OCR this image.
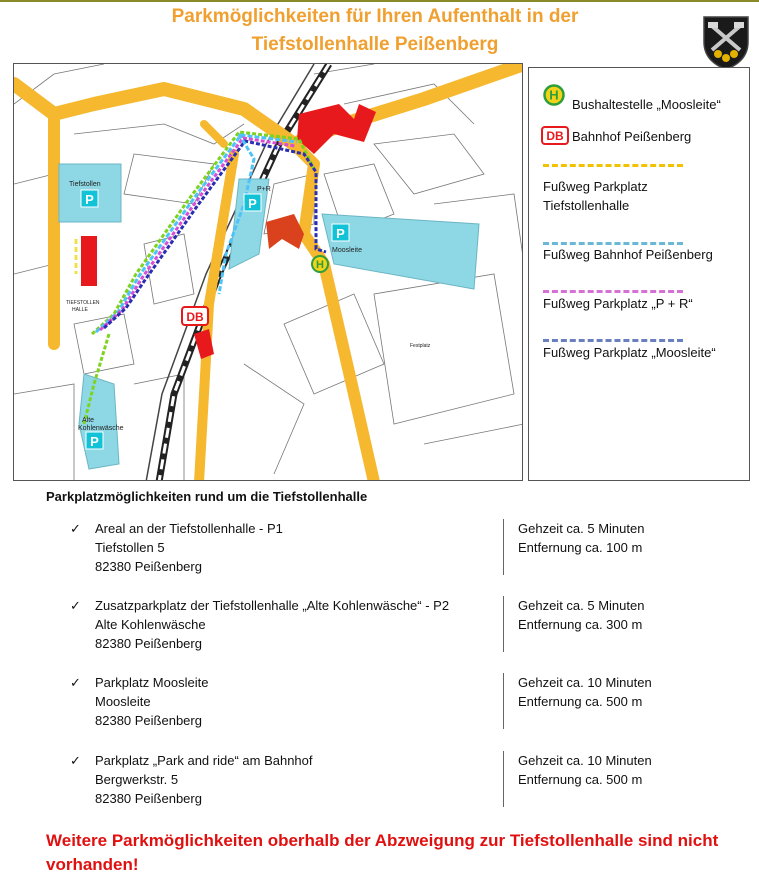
Parkmöglichkeiten für Ihren Aufenthalt in der
Tiefstollenhalle Peißenberg
P	P
P
P
DB
H
Tiefstollen
P+R
Moosleite
Alte
Kohlenwäsche
TIEFSTOLLEN
HALLE
Festplatz
H
Bushaltestelle „Moosleite“
DB Bahnhof Peißenberg
Fußweg Parkplatz
Tiefstollenhalle
Fußweg Bahnhof Peißenberg
Fußweg Parkplatz „P + R“
Fußweg Parkplatz „Moosleite“
Parkplatzmöglichkeiten rund um die Tiefstollenhalle
✓	Areal an der Tiefstollenhalle - P1
Tiefstollen 5
82380 Peißenberg
Gehzeit ca. 5 Minuten
Entfernung ca. 100 m
✓	Zusatzparkplatz der Tiefstollenhalle „Alte Kohlenwäsche“ - P2
Alte Kohlenwäsche
82380 Peißenberg
Gehzeit ca. 5 Minuten
Entfernung ca. 300 m
✓	Parkplatz Moosleite
Moosleite
82380 Peißenberg
Gehzeit ca. 10 Minuten
Entfernung ca. 500 m
✓	Parkplatz „Park and ride“ am Bahnhof
Bergwerkstr. 5
82380 Peißenberg
Gehzeit ca. 10 Minuten
Entfernung ca. 500 m
Weitere Parkmöglichkeiten oberhalb der Abzweigung zur Tiefstollenhalle sind nicht
vorhanden!
